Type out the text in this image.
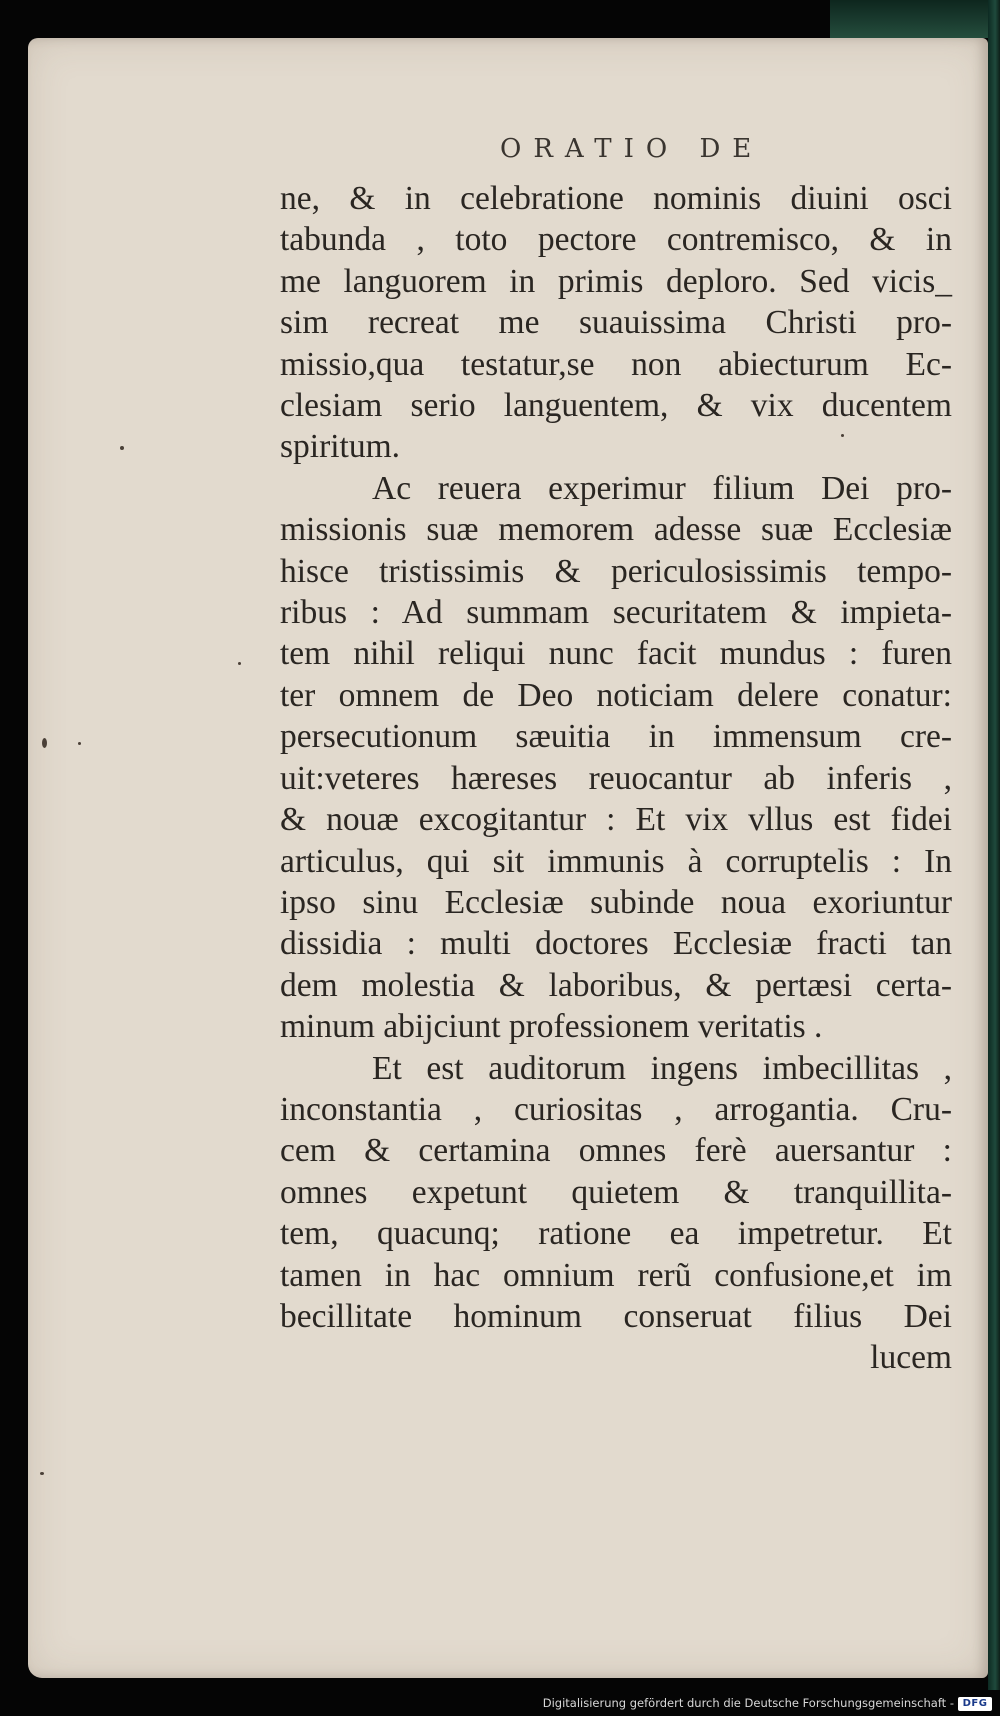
ORATIO DE
ne, & in celebratione nominis diuini osci
tabunda , toto pectore contremisco, & in
me languorem in primis deploro. Sed vicis_
sim recreat me suauissima Christi pro-
missio,qua testatur,se non abiecturum Ec-
clesiam serio languentem, & vix ducentem
spiritum.
Ac reuera experimur filium Dei pro-
missionis suæ memorem adesse suæ Ecclesiæ
hisce tristissimis & periculosissimis tempo-
ribus : Ad summam securitatem & impieta-
tem nihil reliqui nunc facit mundus : furen
ter omnem de Deo noticiam delere conatur:
persecutionum sæuitia in immensum cre-
uit:veteres hæreses reuocantur ab inferis ,
& nouæ excogitantur : Et vix vllus est fidei
articulus, qui sit immunis à corruptelis : In
ipso sinu Ecclesiæ subinde noua exoriuntur
dissidia : multi doctores Ecclesiæ fracti tan
dem molestia & laboribus, & pertæsi certa-
minum abijciunt professionem veritatis .
Et est auditorum ingens imbecillitas ,
inconstantia , curiositas , arrogantia. Cru-
cem & certamina omnes ferè auersantur :
omnes expetunt quietem & tranquillita-
tem, quacunq; ratione ea impetretur. Et
tamen in hac omnium rerũ confusione,et im
becillitate hominum conseruat filius Dei
lucem
Digitalisierung gefördert durch die Deutsche Forschungsgemeinschaft - DFG
